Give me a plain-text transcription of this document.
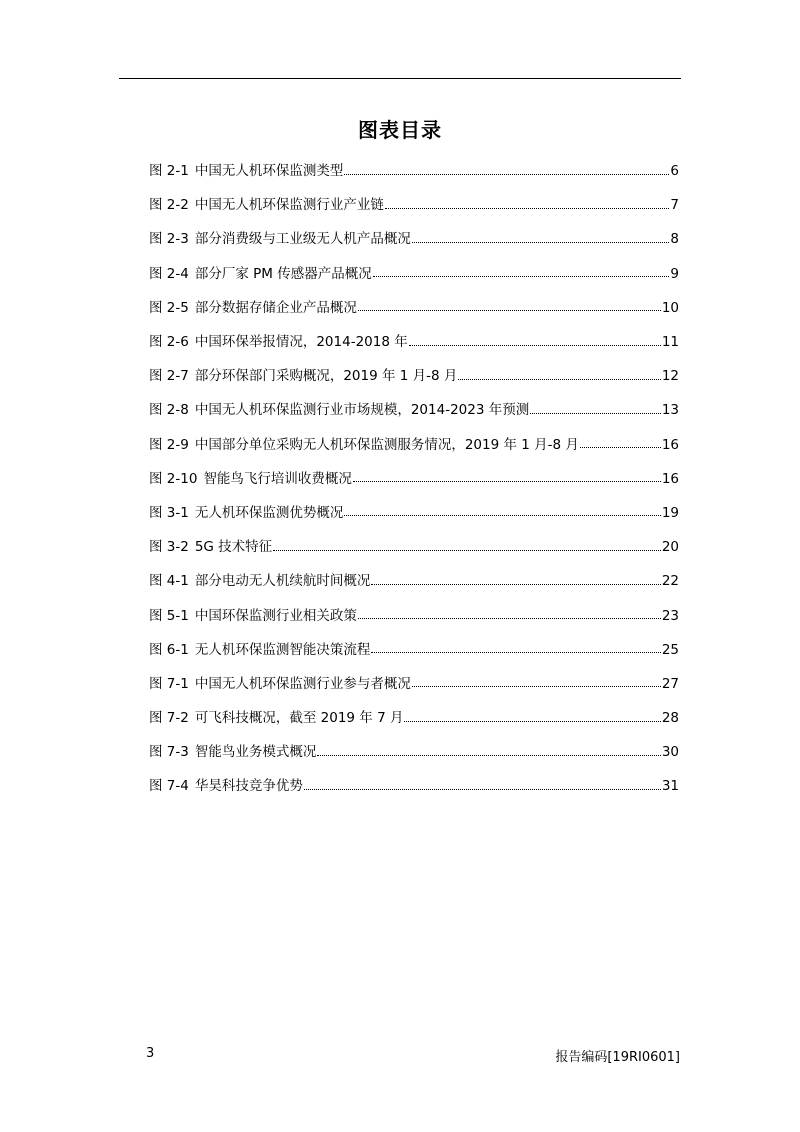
图表目录
图 2-1 中国无人机环保监测类型	6
图 2-2 中国无人机环保监测行业产业链	7
图 2-3 部分消费级与工业级无人机产品概况	8
图 2-4 部分厂家 PM 传感器产品概况	9
图 2-5 部分数据存储企业产品概况	10
图 2-6 中国环保举报情况，2014-2018 年	11
图 2-7 部分环保部门采购概况，2019 年 1 月-8 月	12
图 2-8 中国无人机环保监测行业市场规模，2014-2023 年预测	13
图 2-9 中国部分单位采购无人机环保监测服务情况，2019 年 1 月-8 月	16
图 2-10 智能鸟飞行培训收费概况	16
图 3-1 无人机环保监测优势概况	19
图 3-2 5G 技术特征	20
图 4-1 部分电动无人机续航时间概况	22
图 5-1 中国环保监测行业相关政策	23
图 6-1 无人机环保监测智能决策流程	25
图 7-1 中国无人机环保监测行业参与者概况	27
图 7-2 可飞科技概况，截至 2019 年 7 月	28
图 7-3 智能鸟业务模式概况	30
图 7-4 华昊科技竞争优势	31
3	报告编码[19RI0601]
